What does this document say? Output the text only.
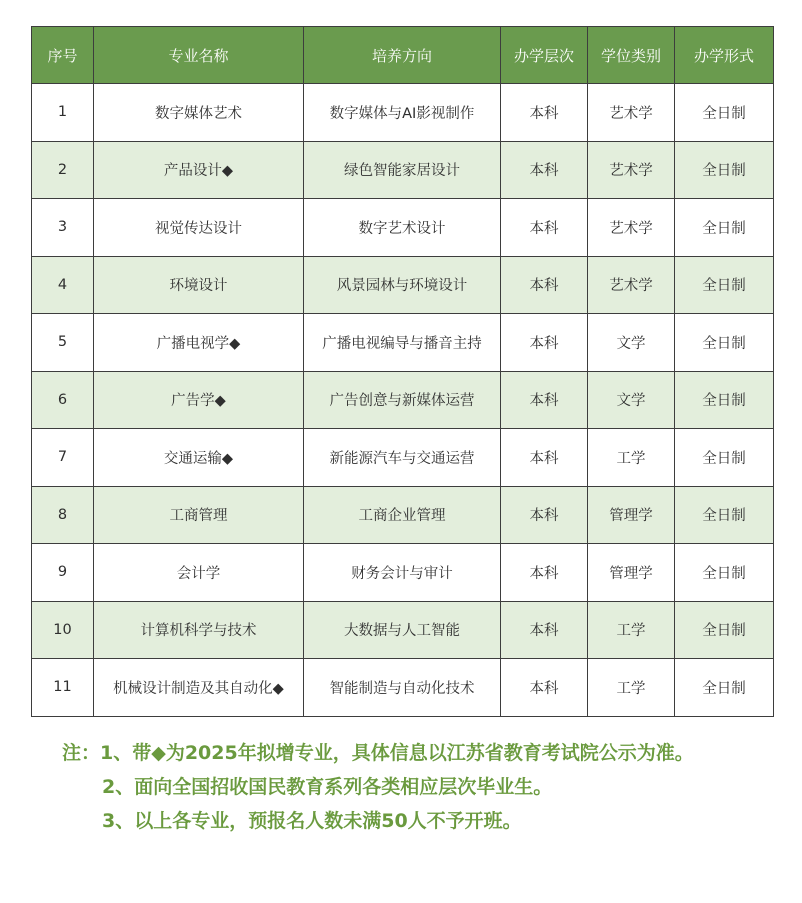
序号	专业名称	培养方向	办学层次	学位类别	办学形式
1	数字媒体艺术	数字媒体与AI影视制作	本科	艺术学	全日制
2	产品设计◆	绿色智能家居设计	本科	艺术学	全日制
3	视觉传达设计	数字艺术设计	本科	艺术学	全日制
4	环境设计	风景园林与环境设计	本科	艺术学	全日制
5	广播电视学◆	广播电视编导与播音主持	本科	文学	全日制
6	广告学◆	广告创意与新媒体运营	本科	文学	全日制
7	交通运输◆	新能源汽车与交通运营	本科	工学	全日制
8	工商管理	工商企业管理	本科	管理学	全日制
9	会计学	财务会计与审计	本科	管理学	全日制
10	计算机科学与技术	大数据与人工智能	本科	工学	全日制
11	机械设计制造及其自动化◆	智能制造与自动化技术	本科	工学	全日制
注：1、带◆为2025年拟增专业，具体信息以江苏省教育考试院公示为准。
2、面向全国招收国民教育系列各类相应层次毕业生。
3、以上各专业，预报名人数未满50人不予开班。
